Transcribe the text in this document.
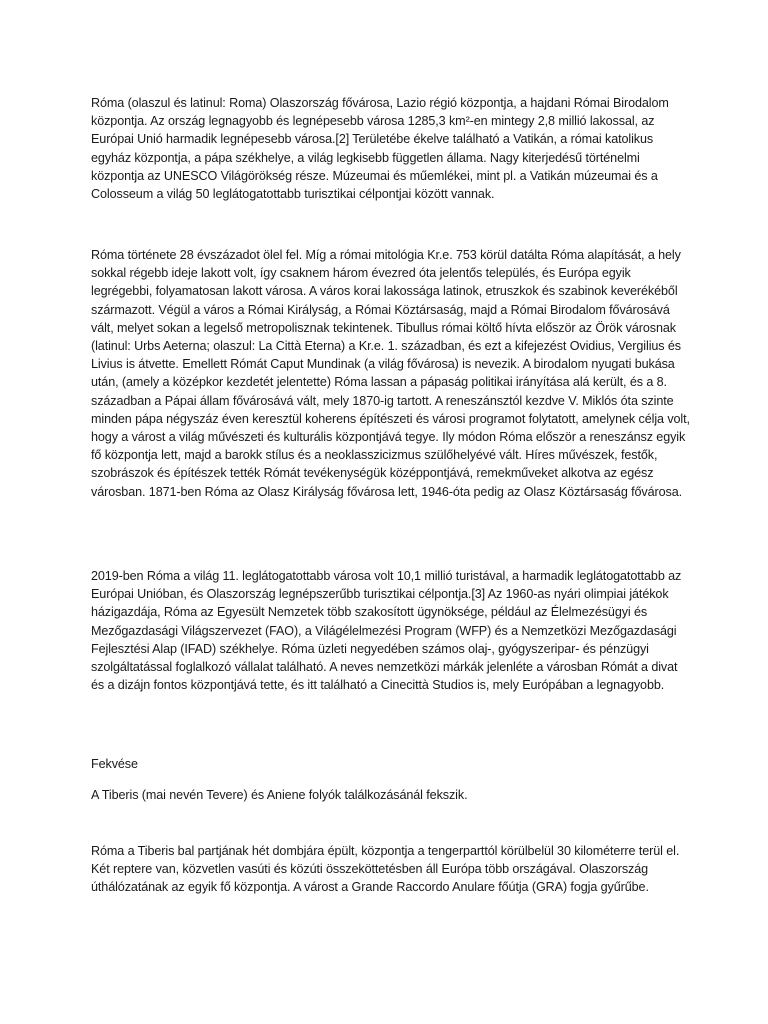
Róma (olaszul és latinul: Roma) Olaszország fővárosa, Lazio régió központja, a hajdani Római Birodalom központja. Az ország legnagyobb és legnépesebb városa 1285,3 km²-en mintegy 2,8 millió lakossal, az Európai Unió harmadik legnépesebb városa.[2] Területébe ékelve található a Vatikán, a római katolikus egyház központja, a pápa székhelye, a világ legkisebb független állama. Nagy kiterjedésű történelmi központja az UNESCO Világörökség része. Múzeumai és műemlékei, mint pl. a Vatikán múzeumai és a Colosseum a világ 50 leglátogatottabb turisztikai célpontjai között vannak.

Róma története 28 évszázadot ölel fel. Míg a római mitológia Kr.e. 753 körül datálta Róma alapítását, a hely sokkal régebb ideje lakott volt, így csaknem három évezred óta jelentős település, és Európa egyik legrégebbi, folyamatosan lakott városa. A város korai lakossága latinok, etruszkok és szabinok keverékéből származott. Végül a város a Római Királyság, a Római Köztársaság, majd a Római Birodalom fővárosává vált, melyet sokan a legelső metropolisznak tekintenek. Tibullus római költő hívta először az Örök városnak (latinul: Urbs Aeterna; olaszul: La Città Eterna) a Kr.e. 1. században, és ezt a kifejezést Ovidius, Vergilius és Livius is átvette. Emellett Rómát Caput Mundinak (a világ fővárosa) is nevezik. A birodalom nyugati bukása után, (amely a középkor kezdetét jelentette) Róma lassan a pápaság politikai irányítása alá került, és a 8. században a Pápai állam fővárosává vált, mely 1870-ig tartott. A reneszánsztól kezdve V. Miklós óta szinte minden pápa négyszáz éven keresztül koherens építészeti és városi programot folytatott, amelynek célja volt, hogy a várost a világ művészeti és kulturális központjává tegye. Ily módon Róma először a reneszánsz egyik fő központja lett, majd a barokk stílus és a neoklasszicizmus szülőhelyévé vált. Híres művészek, festők, szobrászok és építészek tették Rómát tevékenységük középpontjává, remekműveket alkotva az egész városban. 1871-ben Róma az Olasz Királyság fővárosa lett, 1946-óta pedig az Olasz Köztársaság fővárosa.

2019-ben Róma a világ 11. leglátogatottabb városa volt 10,1 millió turistával, a harmadik leglátogatottabb az Európai Unióban, és Olaszország legnépszerűbb turisztikai célpontja.[3] Az 1960-as nyári olimpiai játékok házigazdája, Róma az Egyesült Nemzetek több szakosított ügynöksége, például az Élelmezésügyi és Mezőgazdasági Világszervezet (FAO), a Világélelmezési Program (WFP) és a Nemzetközi Mezőgazdasági Fejlesztési Alap (IFAD) székhelye. Róma üzleti negyedében számos olaj-, gyógyszeripar- és pénzügyi szolgáltatással foglalkozó vállalat található. A neves nemzetközi márkák jelenléte a városban Rómát a divat és a dizájn fontos központjává tette, és itt található a Cinecittà Studios is, mely Európában a legnagyobb.

Fekvése

A Tiberis (mai nevén Tevere) és Aniene folyók találkozásánál fekszik.

Róma a Tiberis bal partjának hét dombjára épült, központja a tengerparttól körülbelül 30 kilométerre terül el. Két reptere van, közvetlen vasúti és közúti összeköttetésben áll Európa több országával. Olaszország úthálózatának az egyik fő központja. A várost a Grande Raccordo Anulare főútja (GRA) fogja gyűrűbe.
